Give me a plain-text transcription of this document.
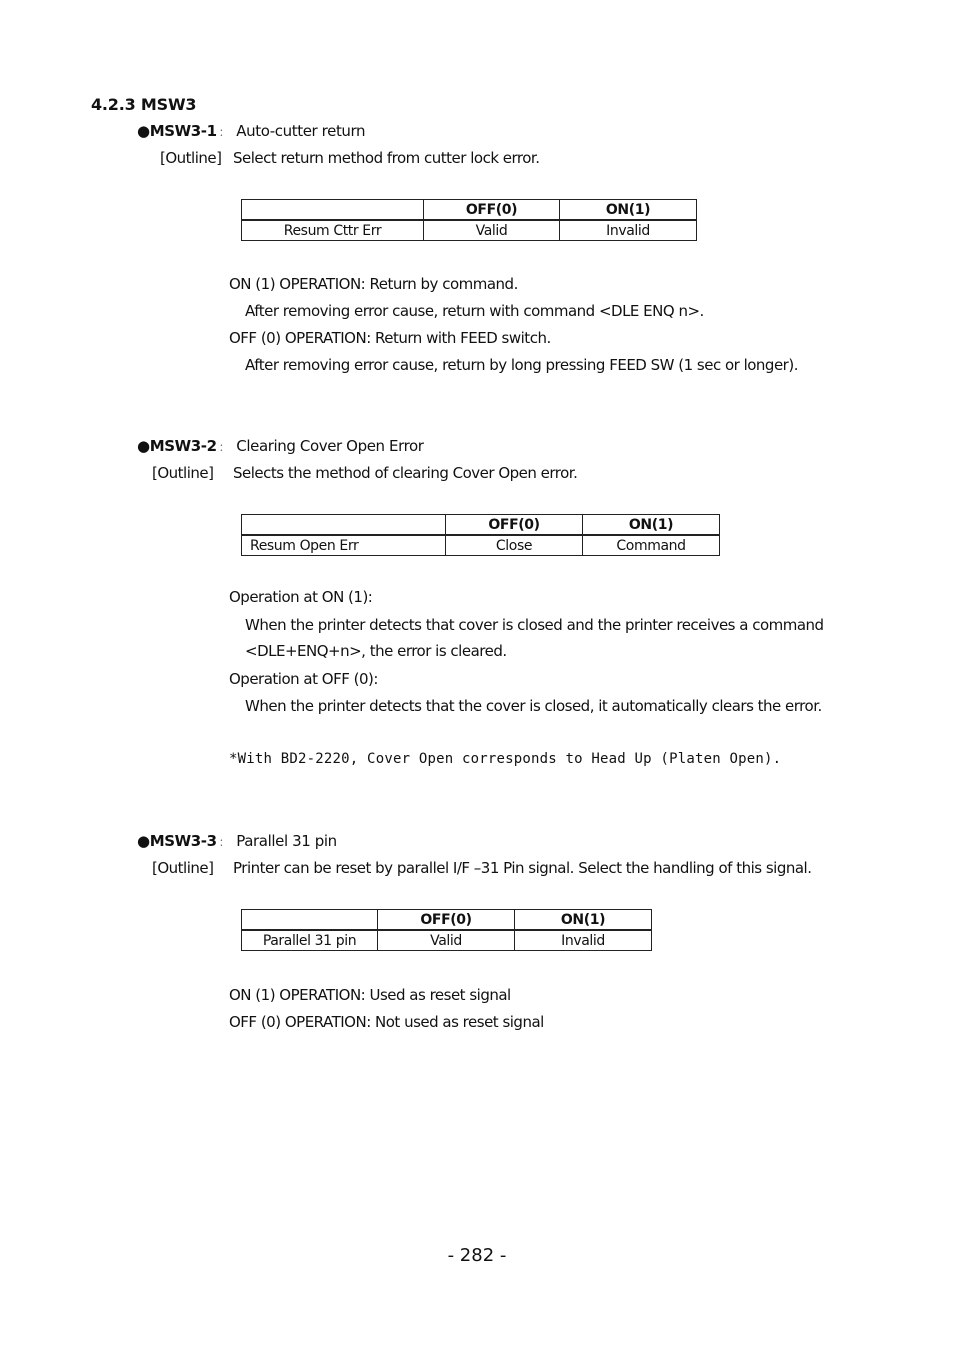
4.2.3 MSW3
●MSW3-1 ： Auto-cutter return
[Outline] Select return method from cutter lock error.
	OFF(0)	ON(1)
Resum Cttr Err	Valid	Invalid
ON (1) OPERATION: Return by command.
After removing error cause, return with command <DLE ENQ n>.
OFF (0) OPERATION: Return with FEED switch.
After removing error cause, return by long pressing FEED SW (1 sec or longer).
●MSW3-2 ： Clearing Cover Open Error
[Outline] Selects the method of clearing Cover Open error.
	OFF(0)	ON(1)
Resum Open Err	Close	Command
Operation at ON (1):
When the printer detects that cover is closed and the printer receives a command
<DLE+ENQ+n>, the error is cleared.
Operation at OFF (0):
When the printer detects that the cover is closed, it automatically clears the error.
*With BD2-2220, Cover Open corresponds to Head Up (Platen Open).
●MSW3-3 ： Parallel 31 pin
[Outline] Printer can be reset by parallel I/F –31 Pin signal. Select the handling of this signal.
	OFF(0)	ON(1)
Parallel 31 pin	Valid	Invalid
ON (1) OPERATION: Used as reset signal
OFF (0) OPERATION: Not used as reset signal
- 282 -
